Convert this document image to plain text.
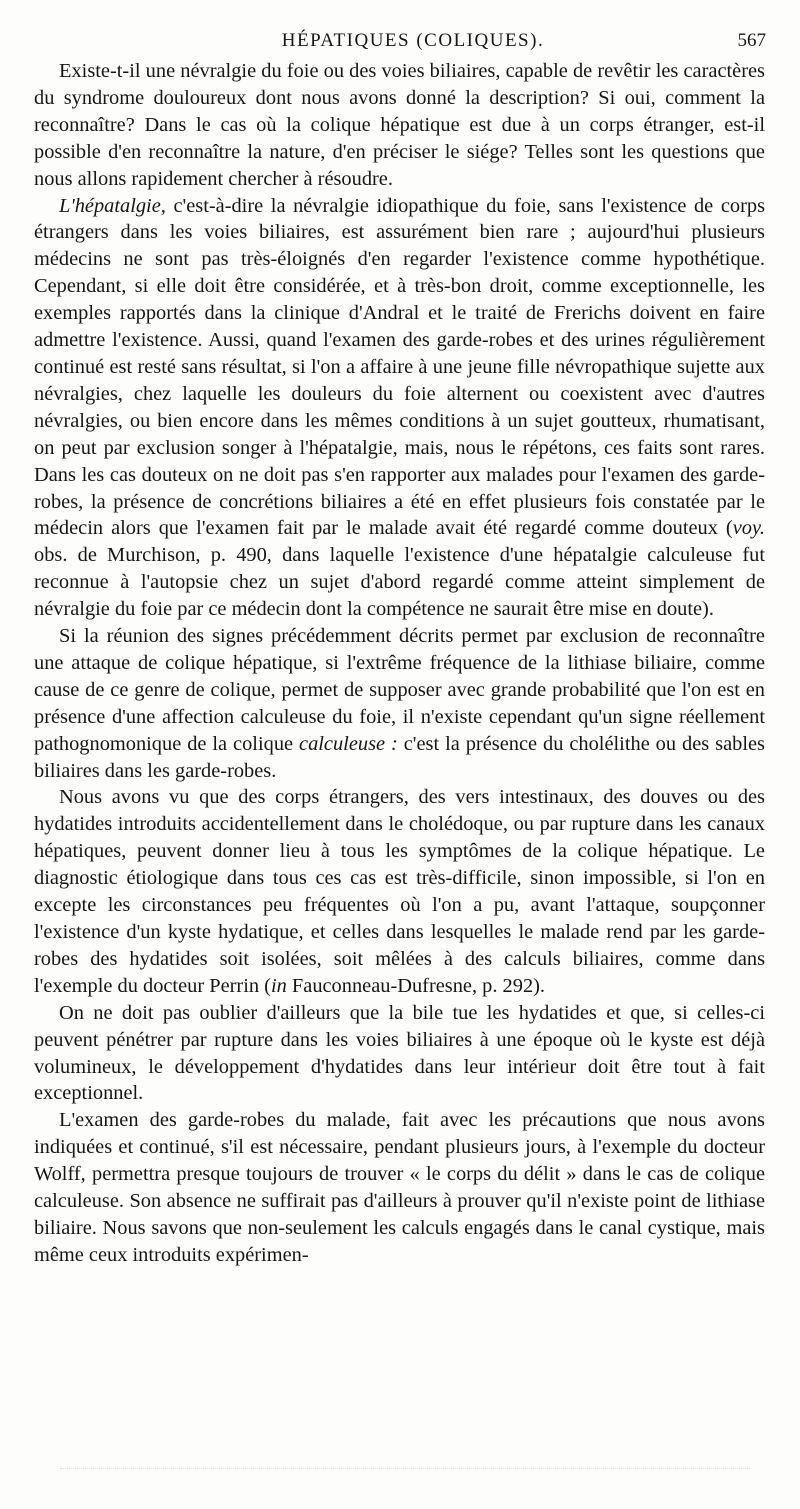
HÉPATIQUES (COLIQUES).	567

Existe-t-il une névralgie du foie ou des voies biliaires, capable de revêtir les caractères du syndrome douloureux dont nous avons donné la description? Si oui, comment la reconnaître? Dans le cas où la colique hépatique est due à un corps étranger, est-il possible d'en reconnaître la nature, d'en préciser le siége? Telles sont les questions que nous allons rapidement chercher à résoudre.

L'hépatalgie, c'est-à-dire la névralgie idiopathique du foie, sans l'existence de corps étrangers dans les voies biliaires, est assurément bien rare ; aujourd'hui plusieurs médecins ne sont pas très-éloignés d'en regarder l'existence comme hypothétique. Cependant, si elle doit être considérée, et à très-bon droit, comme exceptionnelle, les exemples rapportés dans la clinique d'Andral et le traité de Frerichs doivent en faire admettre l'existence. Aussi, quand l'examen des garde-robes et des urines régulièrement continué est resté sans résultat, si l'on a affaire à une jeune fille névropathique sujette aux névralgies, chez laquelle les douleurs du foie alternent ou coexistent avec d'autres névralgies, ou bien encore dans les mêmes conditions à un sujet goutteux, rhumatisant, on peut par exclusion songer à l'hépatalgie, mais, nous le répétons, ces faits sont rares. Dans les cas douteux on ne doit pas s'en rapporter aux malades pour l'examen des garde-robes, la présence de concrétions biliaires a été en effet plusieurs fois constatée par le médecin alors que l'examen fait par le malade avait été regardé comme douteux (voy. obs. de Murchison, p. 490, dans laquelle l'existence d'une hépatalgie calculeuse fut reconnue à l'autopsie chez un sujet d'abord regardé comme atteint simplement de névralgie du foie par ce médecin dont la compétence ne saurait être mise en doute).

Si la réunion des signes précédemment décrits permet par exclusion de reconnaître une attaque de colique hépatique, si l'extrême fréquence de la lithiase biliaire, comme cause de ce genre de colique, permet de supposer avec grande probabilité que l'on est en présence d'une affection calculeuse du foie, il n'existe cependant qu'un signe réellement pathognomonique de la colique calculeuse : c'est la présence du cholélithe ou des sables biliaires dans les garde-robes.

Nous avons vu que des corps étrangers, des vers intestinaux, des douves ou des hydatides introduits accidentellement dans le cholédoque, ou par rupture dans les canaux hépatiques, peuvent donner lieu à tous les symptômes de la colique hépatique. Le diagnostic étiologique dans tous ces cas est très-difficile, sinon impossible, si l'on en excepte les circonstances peu fréquentes où l'on a pu, avant l'attaque, soupçonner l'existence d'un kyste hydatique, et celles dans lesquelles le malade rend par les garde-robes des hydatides soit isolées, soit mêlées à des calculs biliaires, comme dans l'exemple du docteur Perrin (in Fauconneau-Dufresne, p. 292).

On ne doit pas oublier d'ailleurs que la bile tue les hydatides et que, si celles-ci peuvent pénétrer par rupture dans les voies biliaires à une époque où le kyste est déjà volumineux, le développement d'hydatides dans leur intérieur doit être tout à fait exceptionnel.

L'examen des garde-robes du malade, fait avec les précautions que nous avons indiquées et continué, s'il est nécessaire, pendant plusieurs jours, à l'exemple du docteur Wolff, permettra presque toujours de trouver « le corps du délit » dans le cas de colique calculeuse. Son absence ne suffirait pas d'ailleurs à prouver qu'il n'existe point de lithiase biliaire. Nous savons que non-seulement les calculs engagés dans le canal cystique, mais même ceux introduits expérimen-
